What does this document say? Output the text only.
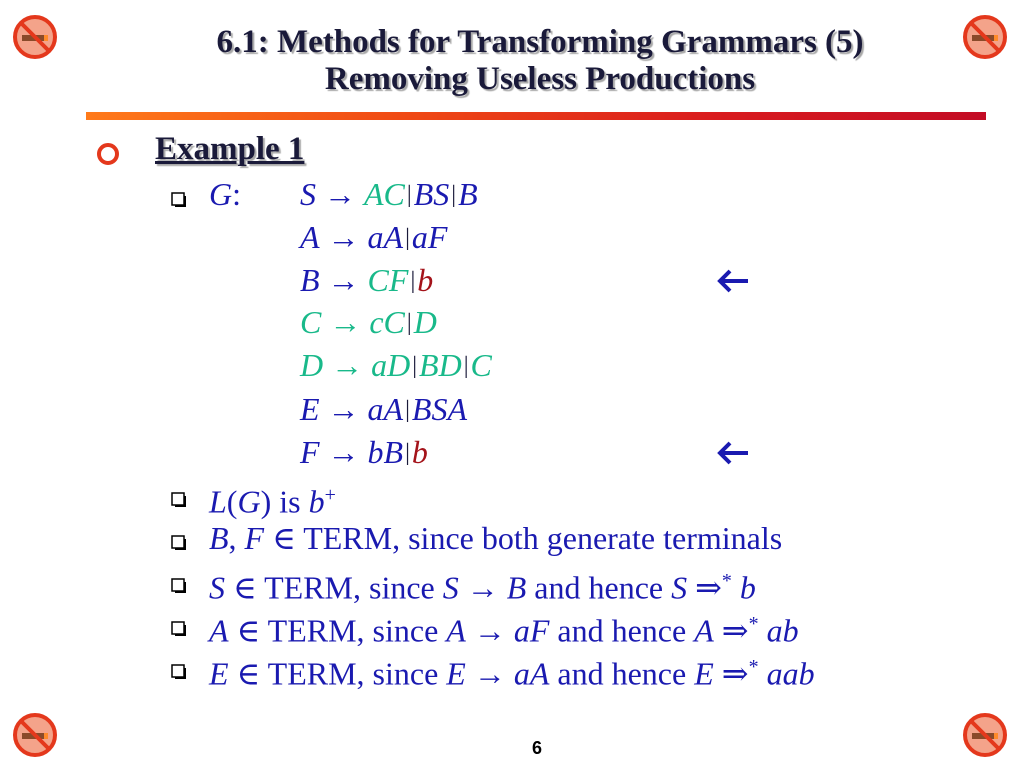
6.1: Methods for Transforming Grammars (5)
Removing Useless Productions
Example 1
G: S → AC|BS|B
A → aA|aF
B → CF|b
C → cC|D
D → aD|BD|C
E → aA|BSA
F → bB|b
L(G) is b+
B, F ∈ TERM, since both generate terminals
S ∈ TERM, since S → B and hence S ⇒* b
A ∈ TERM, since A → aF and hence A ⇒* ab
E ∈ TERM, since E → aA and hence E ⇒* aab
6
